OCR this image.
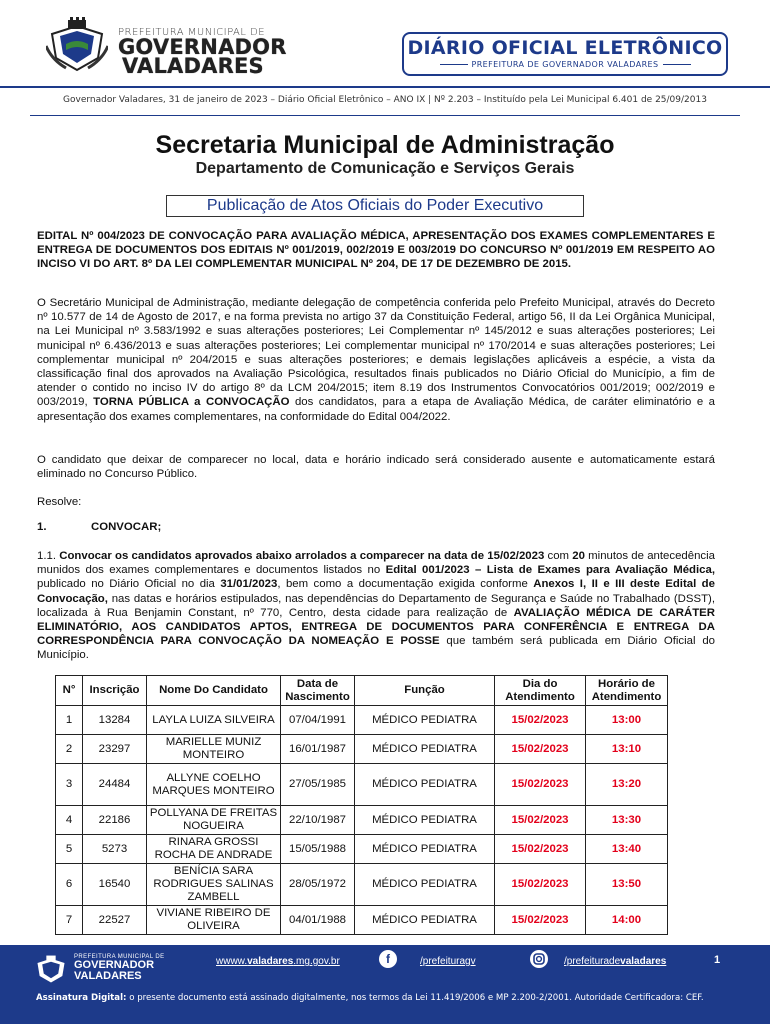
PREFEITURA MUNICIPAL DE
GOVERNADOR
VALADARES
DIÁRIO OFICIAL ELETRÔNICO
PREFEITURA DE GOVERNADOR VALADARES
Governador Valadares, 31 de janeiro de 2023 – Diário Oficial Eletrônico – ANO IX | Nº 2.203 – Instituído pela Lei Municipal 6.401 de 25/09/2013
Secretaria Municipal de Administração
Departamento de Comunicação e Serviços Gerais
Publicação de Atos Oficiais do Poder Executivo
EDITAL Nº 004/2023 DE CONVOCAÇÃO PARA AVALIAÇÃO MÉDICA, APRESENTAÇÃO DOS EXAMES COMPLEMENTARES E ENTREGA DE DOCUMENTOS DOS EDITAIS Nº 001/2019, 002/2019 E 003/2019 DO CONCURSO Nº 001/2019 EM RESPEITO AO INCISO VI DO ART. 8º DA LEI COMPLEMENTAR MUNICIPAL Nº 204, DE 17 DE DEZEMBRO DE 2015.
O Secretário Municipal de Administração, mediante delegação de competência conferida pelo Prefeito Municipal, através do Decreto nº 10.577 de 14 de Agosto de 2017, e na forma prevista no artigo 37 da Constituição Federal, artigo 56, II da Lei Orgânica Municipal, na Lei Municipal nº 3.583/1992 e suas alterações posteriores; Lei Complementar nº 145/2012 e suas alterações posteriores; Lei municipal nº 6.436/2013 e suas alterações posteriores; Lei complementar municipal nº 170/2014 e suas alterações posteriores; Lei complementar municipal nº 204/2015 e suas alterações posteriores; e demais legislações aplicáveis a espécie, a vista da classificação final dos aprovados na Avaliação Psicológica, resultados finais publicados no Diário Oficial do Município, a fim de atender o contido no inciso IV do artigo 8º da LCM 204/2015; item 8.19 dos Instrumentos Convocatórios 001/2019; 002/2019 e 003/2019, TORNA PÚBLICA a CONVOCAÇÃO dos candidatos, para a etapa de Avaliação Médica, de caráter eliminatório e a apresentação dos exames complementares, na conformidade do Edital 004/2022.
O candidato que deixar de comparecer no local, data e horário indicado será considerado ausente e automaticamente estará eliminado no Concurso Público.
Resolve:
1.	CONVOCAR;
1.1. Convocar os candidatos aprovados abaixo arrolados a comparecer na data de 15/02/2023 com 20 minutos de antecedência munidos dos exames complementares e documentos listados no Edital 001/2023 – Lista de Exames para Avaliação Médica, publicado no Diário Oficial no dia 31/01/2023, bem como a documentação exigida conforme Anexos I, II e III deste Edital de Convocação, nas datas e horários estipulados, nas dependências do Departamento de Segurança e Saúde no Trabalhado (DSST), localizada à Rua Benjamin Constant, nº 770, Centro, desta cidade para realização de AVALIAÇÃO MÉDICA DE CARÁTER ELIMINATÓRIO, AOS CANDIDATOS APTOS, ENTREGA DE DOCUMENTOS PARA CONFERÊNCIA E ENTREGA DA CORRESPONDÊNCIA PARA CONVOCAÇÃO DA NOMEAÇÃO E POSSE que também será publicada em Diário Oficial do Município.
N°	Inscrição	Nome Do Candidato	Data de Nascimento	Função	Dia do Atendimento	Horário de Atendimento
1	13284	LAYLA LUIZA SILVEIRA	07/04/1991	MÉDICO PEDIATRA	15/02/2023	13:00
2	23297	MARIELLE MUNIZ MONTEIRO	16/01/1987	MÉDICO PEDIATRA	15/02/2023	13:10
3	24484	ALLYNE COELHO MARQUES MONTEIRO	27/05/1985	MÉDICO PEDIATRA	15/02/2023	13:20
4	22186	POLLYANA DE FREITAS NOGUEIRA	22/10/1987	MÉDICO PEDIATRA	15/02/2023	13:30
5	5273	RINARA GROSSI ROCHA DE ANDRADE	15/05/1988	MÉDICO PEDIATRA	15/02/2023	13:40
6	16540	BENÍCIA SARA RODRIGUES SALINAS ZAMBELL	28/05/1972	MÉDICO PEDIATRA	15/02/2023	13:50
7	22527	VIVIANE RIBEIRO DE OLIVEIRA	04/01/1988	MÉDICO PEDIATRA	15/02/2023	14:00
PREFEITURA MUNICIPAL DE
GOVERNADOR
VALADARES
wwww.valadares.mg.gov.br	f	/prefeituragv	/prefeituradevaladares	1
Assinatura Digital: o presente documento está assinado digitalmente, nos termos da Lei 11.419/2006 e MP 2.200-2/2001. Autoridade Certificadora: CEF.
